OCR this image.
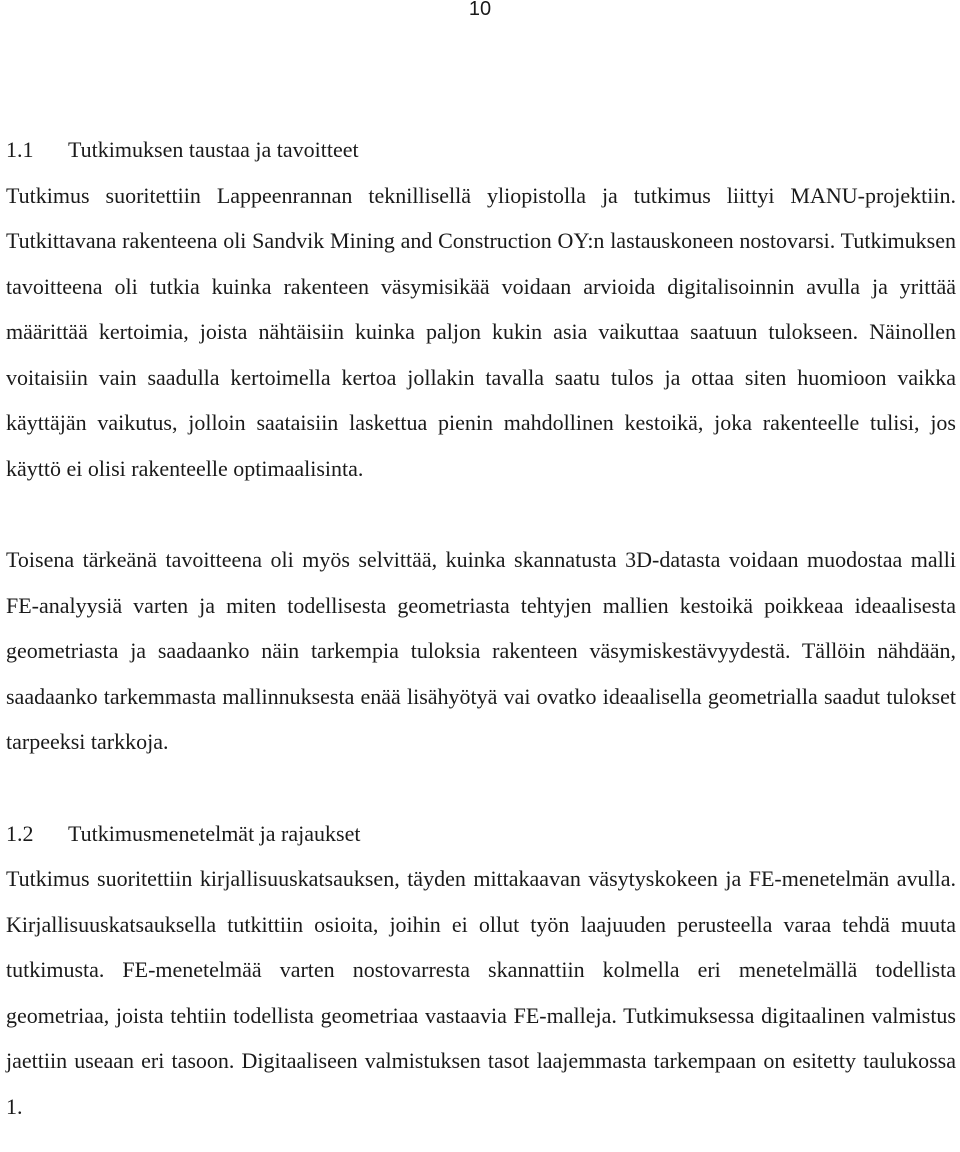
10
1.1 Tutkimuksen taustaa ja tavoitteet

Tutkimus suoritettiin Lappeenrannan teknillisellä yliopistolla ja tutkimus liittyi MANU-projektiin. Tutkittavana rakenteena oli Sandvik Mining and Construction OY:n lastauskoneen nostovarsi. Tutkimuksen tavoitteena oli tutkia kuinka rakenteen väsymisikää voidaan arvioida digitalisoinnin avulla ja yrittää määrittää kertoimia, joista nähtäisiin kuinka paljon kukin asia vaikuttaa saatuun tulokseen. Näinollen voitaisiin vain saadulla kertoimella kertoa jollakin tavalla saatu tulos ja ottaa siten huomioon vaikka käyttäjän vaikutus, jolloin saataisiin laskettua pienin mahdollinen kestoikä, joka rakenteelle tulisi, jos käyttö ei olisi rakenteelle optimaalisinta.

Toisena tärkeänä tavoitteena oli myös selvittää, kuinka skannatusta 3D-datasta voidaan muodostaa malli FE-analyysiä varten ja miten todellisesta geometriasta tehtyjen mallien kestoikä poikkeaa ideaalisesta geometriasta ja saadaanko näin tarkempia tuloksia rakenteen väsymiskestävyydestä. Tällöin nähdään, saadaanko tarkemmasta mallinnuksesta enää lisähyötyä vai ovatko ideaalisella geometrialla saadut tulokset tarpeeksi tarkkoja.

1.2 Tutkimusmenetelmät ja rajaukset

Tutkimus suoritettiin kirjallisuuskatsauksen, täyden mittakaavan väsytyskokeen ja FE-menetelmän avulla. Kirjallisuuskatsauksella tutkittiin osioita, joihin ei ollut työn laajuuden perusteella varaa tehdä muuta tutkimusta. FE-menetelmää varten nostovarresta skannattiin kolmella eri menetelmällä todellista geometriaa, joista tehtiin todellista geometriaa vastaavia FE-malleja. Tutkimuksessa digitaalinen valmistus jaettiin useaan eri tasoon. Digitaaliseen valmistuksen tasot laajemmasta tarkempaan on esitetty taulukossa 1.
